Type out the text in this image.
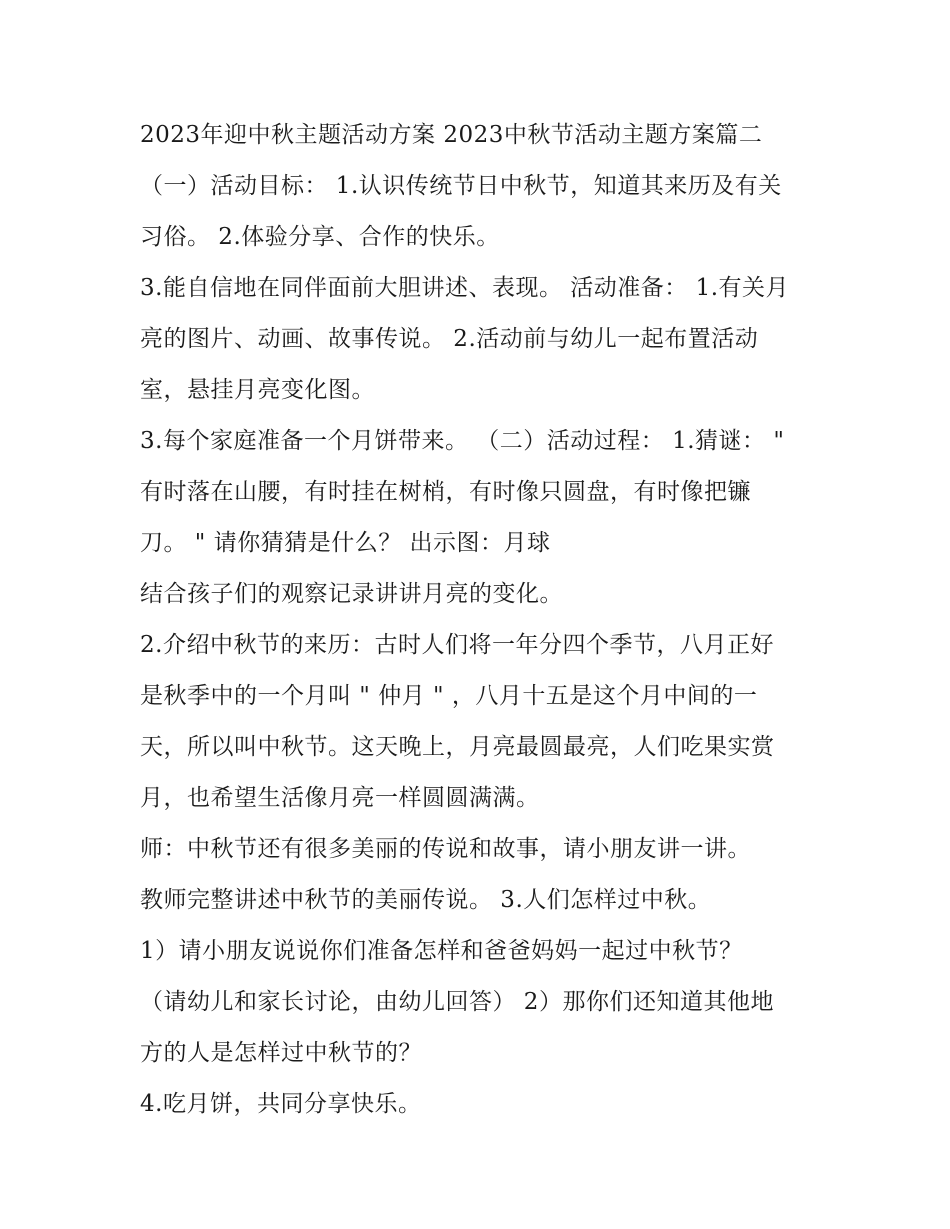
2023年迎中秋主题活动方案 2023中秋节活动主题方案篇二
（一）活动目标： 1.认识传统节日中秋节，知道其来历及有关
习俗。 2.体验分享、合作的快乐。
3.能自信地在同伴面前大胆讲述、表现。 活动准备： 1.有关月
亮的图片、动画、故事传说。 2.活动前与幼儿一起布置活动
室，悬挂月亮变化图。
3.每个家庭准备一个月饼带来。 （二）活动过程： 1.猜谜： "
有时落在山腰，有时挂在树梢，有时像只圆盘，有时像把镰
刀。 " 请你猜猜是什么？ 出示图：月球
结合孩子们的观察记录讲讲月亮的变化。
2.介绍中秋节的来历：古时人们将一年分四个季节，八月正好
是秋季中的一个月叫 " 仲月 " ，八月十五是这个月中间的一
天，所以叫中秋节。这天晚上，月亮最圆最亮，人们吃果实赏
月，也希望生活像月亮一样圆圆满满。
师：中秋节还有很多美丽的传说和故事，请小朋友讲一讲。
教师完整讲述中秋节的美丽传说。 3.人们怎样过中秋。
1）请小朋友说说你们准备怎样和爸爸妈妈一起过中秋节？
（请幼儿和家长讨论，由幼儿回答） 2）那你们还知道其他地
方的人是怎样过中秋节的？
4.吃月饼，共同分享快乐。
